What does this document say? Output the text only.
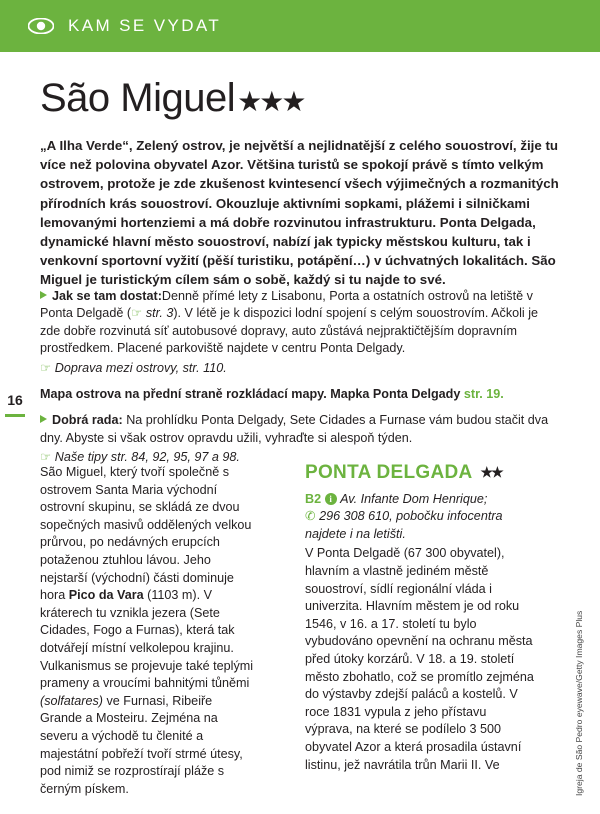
KAM SE VYDAT
São Miguel ★★★
„A Ilha Verde“, Zelený ostrov, je největší a nejlidnatější z celého souostroví, žije tu více než polovina obyvatel Azor. Většina turistů se spokojí právě s tímto velkým ostrovem, protože je zde zkušenost kvintesencí všech výjimečných a rozmanitých přírodních krás souostroví. Okouzluje aktivními sopkami, plážemi i silničkami lemovanými hortenziemi a má dobře rozvinutou infrastrukturu. Ponta Delgada, dynamické hlavní město souostroví, nabízí jak typicky městskou kulturu, tak i venkovní sportovní vyžití (pěší turistiku, potápění…) v úchvatných lokalitách. São Miguel je turistickým cílem sám o sobě, každý si tu najde to své.

Jak se tam dostat:Denně přímé lety z Lisabonu, Porta a ostatních ostrovů na letiště v Ponta Delgadě (☞ str. 3). V létě je k dispozici lodní spojení s celým souostrovím. Ačkoli je zde dobře rozvinutá síť autobusové dopravy, auto zůstává nejpraktičtějším dopravním prostředkem. Placené parkoviště najdete v centru Ponta Delgady.

☞ Doprava mezi ostrovy, str. 110.

Mapa ostrova na přední straně rozkládací mapy. Mapka Ponta Delgady str. 19.

Dobrá rada: Na prohlídku Ponta Delgady, Sete Cidades a Furnase vám budou stačit dva dny. Abyste si však ostrov opravdu užili, vyhraďte si alespoň týden.

☞ Naše tipy str. 84, 92, 95, 97 a 98.

16

São Miguel, který tvoří společně s ostrovem Santa Maria východní ostrovní skupinu, se skládá ze dvou sopečných masivů oddělených velkou průrvou, po nedávných erupcích potaženou ztuhlou lávou. Jeho nejstarší (východní) části dominuje hora Pico da Vara (1103 m). V kráterech tu vznikla jezera (Sete Cidades, Fogo a Furnas), která tak dotvářejí místní velkolepou krajinu. Vulkanismus se projevuje také teplými prameny a vroucími bahnitými tůněmi (solfatares) ve Furnasi, Ribeiře Grande a Mosteiru. Zejména na severu a východě tu členité a majestátní pobřeží tvoří strmé útesy, pod nimiž se rozprostírají pláže s černým pískem.

PONTA DELGADA ★★

B2 i Av. Infante Dom Henrique;
✆ 296 308 610, pobočku infocentra najdete i na letišti.

V Ponta Delgadě (67 300 obyvatel), hlavním a vlastně jediném městě souostroví, sídlí regionální vláda i univerzita. Hlavním městem je od roku 1546, v 16. a 17. století tu bylo vybudováno opevnění na ochranu města před útoky korzárů. V 18. a 19. století město zbohatlo, což se promítlo zejména do výstavby zdejší paláců a kostelů. V roce 1831 vypula z jeho přístavu výprava, na které se podílelo 3 500 obyvatel Azor a která prosadila ústavní listinu, jež navrátila trůn Marii II. Ve	Igreja de São Pedro eyewave/Getty Images Plus
